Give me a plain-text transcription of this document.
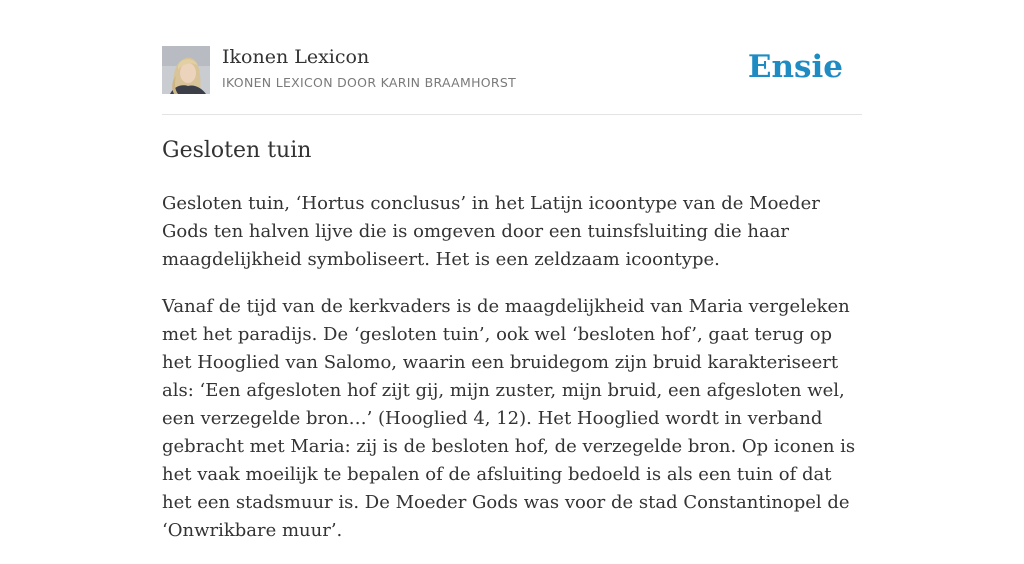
Ikonen Lexicon
IKONEN LEXICON DOOR KARIN BRAAMHORST	Ensie
Gesloten tuin

Gesloten tuin, ‘Hortus conclusus’ in het Latijn icoontype van de Moeder Gods ten halven lijve die is omgeven door een tuinsfsluiting die haar maagdelijkheid symboliseert. Het is een zeldzaam icoontype.

Vanaf de tijd van de kerkvaders is de maagdelijkheid van Maria vergeleken met het paradijs. De ‘gesloten tuin’, ook wel ‘besloten hof’, gaat terug op het Hooglied van Salomo, waarin een bruidegom zijn bruid karakteriseert als: ‘Een afgesloten hof zijt gij, mijn zuster, mijn bruid, een afgesloten wel, een verzegelde bron…’ (Hooglied 4, 12). Het Hooglied wordt in verband gebracht met Maria: zij is de besloten hof, de verzegelde bron. Op iconen is het vaak moeilijk te bepalen of de afsluiting bedoeld is als een tuin of dat het een stadsmuur is. De Moeder Gods was voor de stad Constantinopel de ‘Onwrikbare muur’.
